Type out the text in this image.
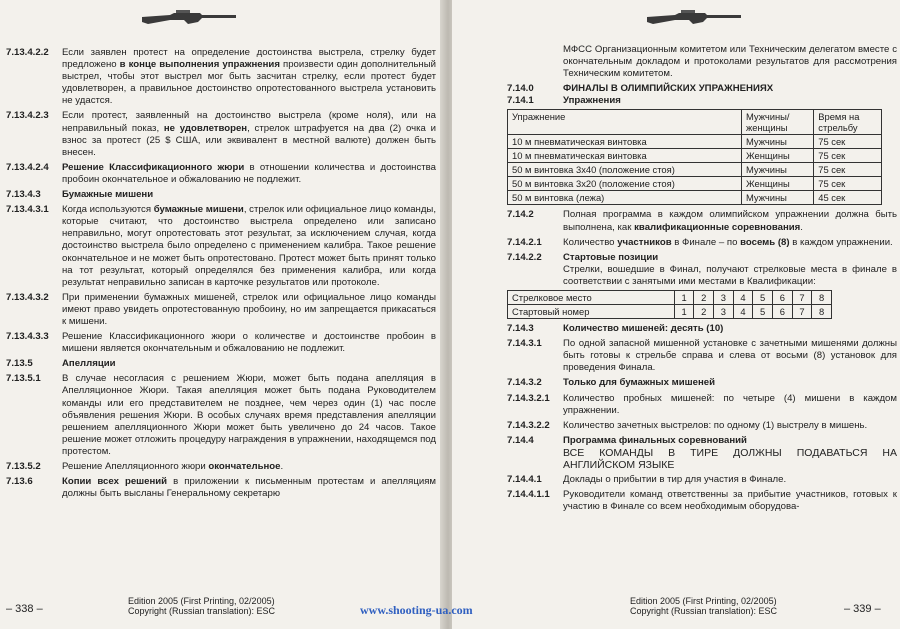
7.13.4.2.2	Если заявлен протест на определение достоинства выстрела, стрелку будет предложено в конце выполнения упражнения произвести один дополнительный выстрел, чтобы этот выстрел мог быть засчитан стрелку, если протест будет удовлетворен, а правильное достоинство опротестованного выстрела установить не удастся.
7.13.4.2.3	Если протест, заявленный на достоинство выстрела (кроме ноля), или на неправильный показ, не удовлетворен, стрелок штрафуется на два (2) очка и взнос за протест (25 $ США, или эквивалент в местной валюте) должен быть внесен.
7.13.4.2.4	Решение Классификационного жюри в отношении количества и достоинства пробоин окончательное и обжалованию не подлежит.
7.13.4.3	Бумажные мишени
7.13.4.3.1	Когда используются бумажные мишени, стрелок или официальное лицо команды, которые считают, что достоинство выстрела определено или записано неправильно, могут опротестовать этот результат, за исключением случая, когда достоинство выстрела было определено с применением калибра. Такое решение окончательное и не может быть опротестовано. Протест может быть принят только на тот результат, который определялся без применения калибра, или когда результат неправильно записан в карточке результатов или протоколе.
7.13.4.3.2	При применении бумажных мишеней, стрелок или официальное лицо команды имеют право увидеть опротестованную пробоину, но им запрещается прикасаться к мишени.
7.13.4.3.3	Решение Классификационного жюри о количестве и достоинстве пробоин в мишени является окончательным и обжалованию не подлежит.
7.13.5	Апелляции
7.13.5.1	В случае несогласия с решением Жюри, может быть подана апелляция в Апелляционное Жюри. Такая апелляция может быть подана Руководителем команды или его представителем не позднее, чем через один (1) час после объявления решения Жюри. В особых случаях время представления апелляции решением апелляционного Жюри может быть увеличено до 24 часов. Такое решение может отложить процедуру награждения в упражнении, находящемся под протестом.
7.13.5.2	Решение Апелляционного жюри окончательное.
7.13.6	Копии всех решений в приложении к письменным протестам и апелляциям должны быть высланы Генеральному секретарю
– 338 –
Edition 2005 (First Printing, 02/2005)
Copyright (Russian translation): ESC
МФСС Организационным комитетом или Техническим делегатом вместе с окончательным докладом и протоколами результатов для рассмотрения Техническим комитетом.
7.14.0	ФИНАЛЫ В ОЛИМПИЙСКИХ УПРАЖНЕНИЯХ
7.14.1	Упражнения
Упражнение	Мужчины/ женщины	Время на стрельбу
10 м пневматическая винтовка	Мужчины	75 сек
10 м пневматическая винтовка	Женщины	75 сек
50 м винтовка 3х40 (положение стоя)	Мужчины	75 сек
50 м винтовка 3х20 (положение стоя)	Женщины	75 сек
50 м винтовка (лежа)	Мужчины	45 сек
7.14.2	Полная программа в каждом олимпийском упражнении должна быть выполнена, как квалификационные соревнования.
7.14.2.1	Количество участников в Финале – по восемь (8) в каждом упражнении.
7.14.2.2	Стартовые позиции
Стрелки, вошедшие в Финал, получают стрелковые места в финале в соответствии с занятыми ими местами в Квалификации:
Стрелковое место	1	2	3	4	5	6	7	8
Стартовый номер	1	2	3	4	5	6	7	8
7.14.3	Количество мишеней: десять (10)
7.14.3.1	По одной запасной мишенной установке с зачетными мишенями должны быть готовы к стрельбе справа и слева от восьми (8) установок для проведения Финала.
7.14.3.2	Только для бумажных мишеней
7.14.3.2.1	Количество пробных мишеней: по четыре (4) мишени в каждом упражнении.
7.14.3.2.2	Количество зачетных выстрелов: по одному (1) выстрелу в мишень.
7.14.4	Программа финальных соревнований
ВСЕ КОМАНДЫ В ТИРЕ ДОЛЖНЫ ПОДАВАТЬСЯ НА АНГЛИЙСКОМ ЯЗЫКЕ
7.14.4.1	Доклады о прибытии в тир для участия в Финале.
7.14.4.1.1	Руководители команд ответственны за прибытие участников, готовых к участию в Финале со всем необходимым оборудова-
Edition 2005 (First Printing, 02/2005)
Copyright (Russian translation): ESC	– 339 –
www.shooting-ua.com
